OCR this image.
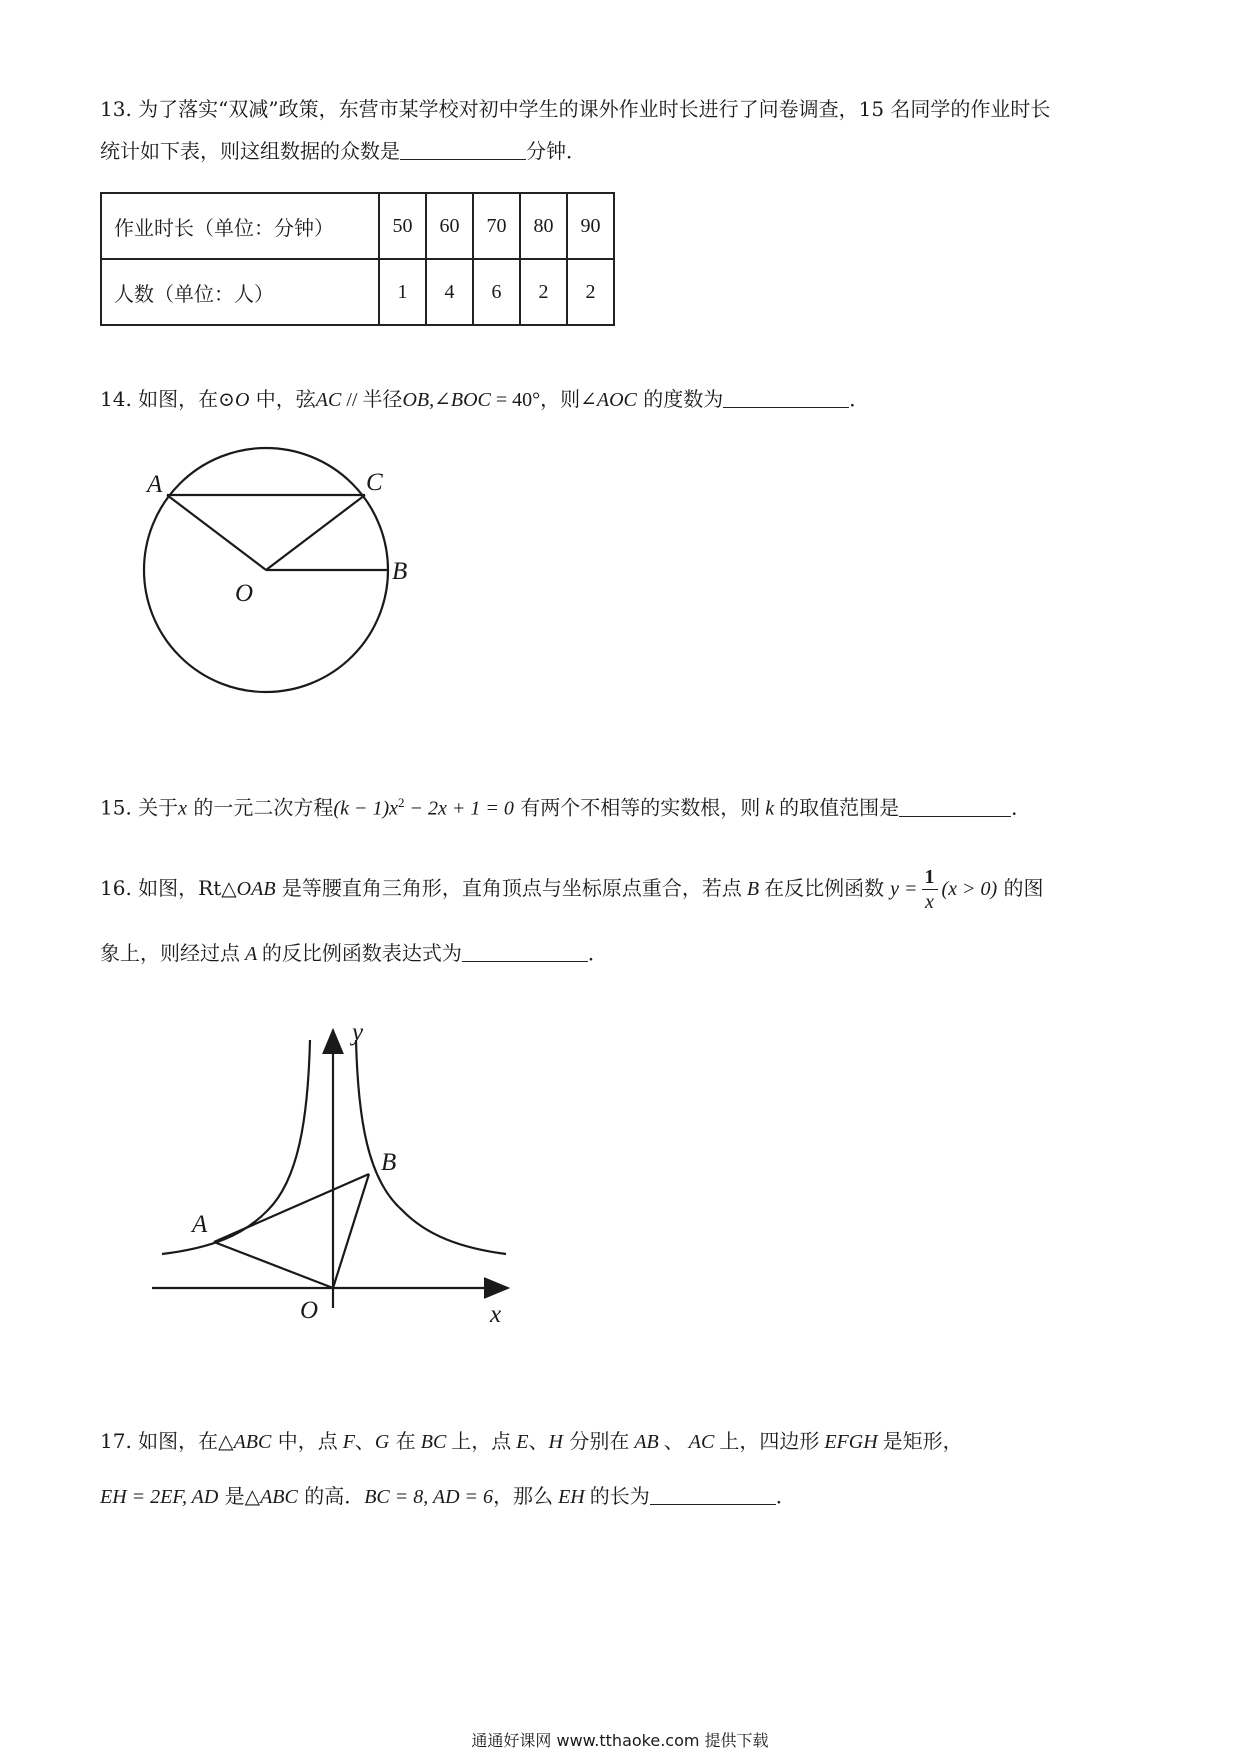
13. 为了落实“双减”政策，东营市某学校对初中学生的课外作业时长进行了问卷调查，15 名同学的作业时长
统计如下表，则这组数据的众数是	分钟．
作业时长（单位：分钟）	50	60	70	80	90
人数（单位：人）	1	4	6	2	2
14. 如图，在⊙O 中，弦AC // 半径OB,∠BOC = 40°，则∠AOC 的度数为	．
A	C
B
O
15. 关于x 的一元二次方程$(k - 1)x^2 - 2x + 1 = 0$ 有两个不相等的实数根，则 k 的取值范围是	．
16. 如图，Rt△OAB 是等腰直角三角形，直角顶点与坐标原点重合，若点 B 在反比例函数 $y = \frac{1}{x} (x > 0)$ 的图
象上，则经过点 A 的反比例函数表达式为	．
A
B
O	x
y
17. 如图，在△ABC 中，点 F、G 在 BC 上，点 E、H 分别在 AB 、 AC 上，四边形 EFGH 是矩形，
EH = 2EF, AD 是△ABC 的高．BC = 8, AD = 6，那么 EH 的长为	．
通通好课网 www.tthaoke.com 提供下载
